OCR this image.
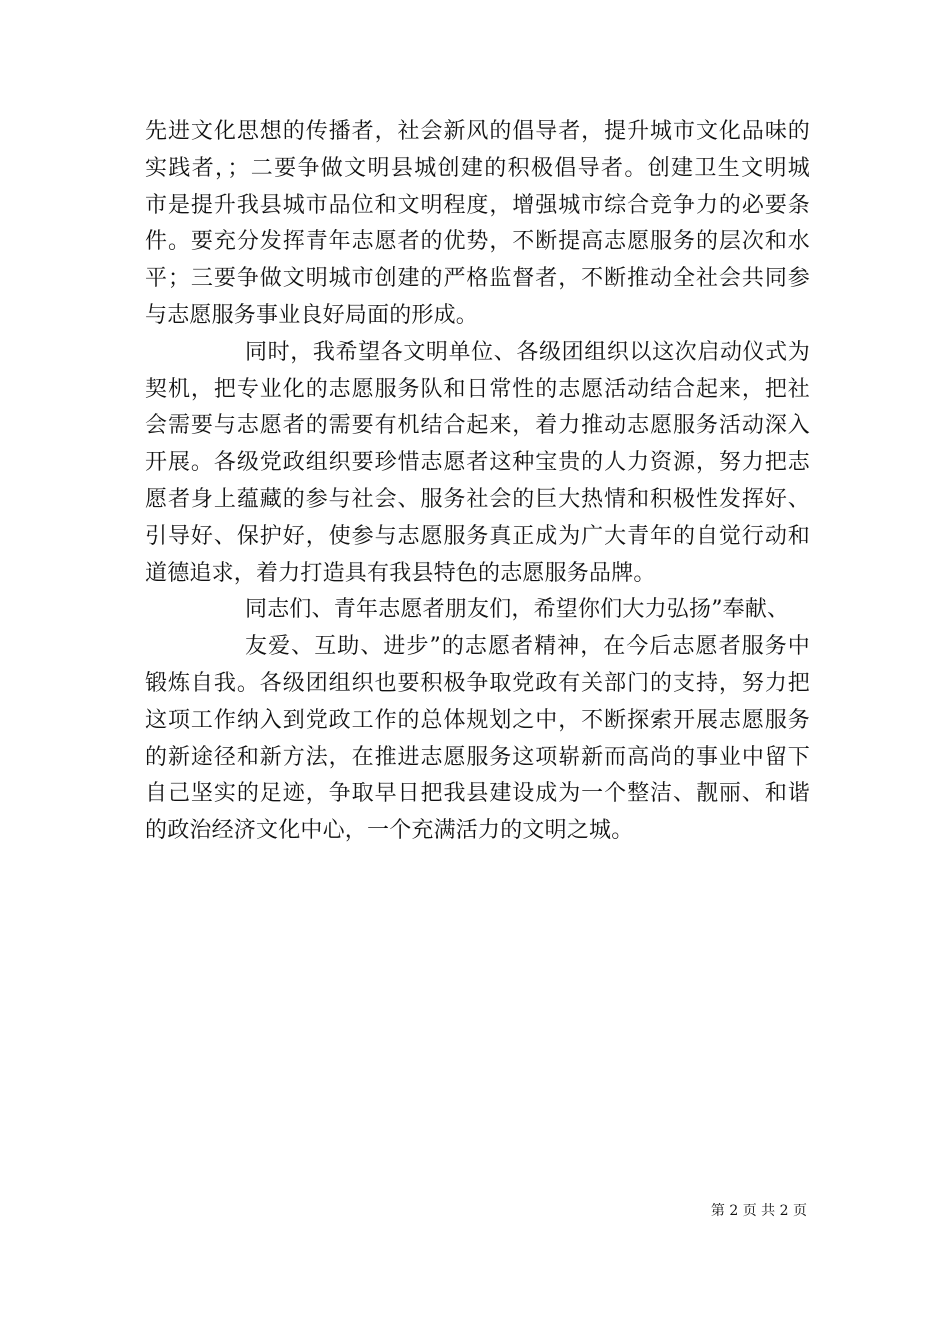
先进文化思想的传播者，社会新风的倡导者，提升城市文化品味的
实践者，；二要争做文明县城创建的积极倡导者。创建卫生文明城
市是提升我县城市品位和文明程度，增强城市综合竞争力的必要条
件。要充分发挥青年志愿者的优势，不断提高志愿服务的层次和水
平；三要争做文明城市创建的严格监督者，不断推动全社会共同参
与志愿服务事业良好局面的形成。

同时，我希望各文明单位、各级团组织以这次启动仪式为
契机，把专业化的志愿服务队和日常性的志愿活动结合起来，把社
会需要与志愿者的需要有机结合起来，着力推动志愿服务活动深入
开展。各级党政组织要珍惜志愿者这种宝贵的人力资源，努力把志
愿者身上蕴藏的参与社会、服务社会的巨大热情和积极性发挥好、
引导好、保护好，使参与志愿服务真正成为广大青年的自觉行动和
道德追求，着力打造具有我县特色的志愿服务品牌。

同志们、青年志愿者朋友们，希望你们大力弘扬”奉献、

友爱、互助、进步”的志愿者精神，在今后志愿者服务中
锻炼自我。各级团组织也要积极争取党政有关部门的支持，努力把
这项工作纳入到党政工作的总体规划之中，不断探索开展志愿服务
的新途径和新方法，在推进志愿服务这项崭新而高尚的事业中留下
自己坚实的足迹，争取早日把我县建设成为一个整洁、靓丽、和谐
的政治经济文化中心，一个充满活力的文明之城。

第 2 页 共 2 页
